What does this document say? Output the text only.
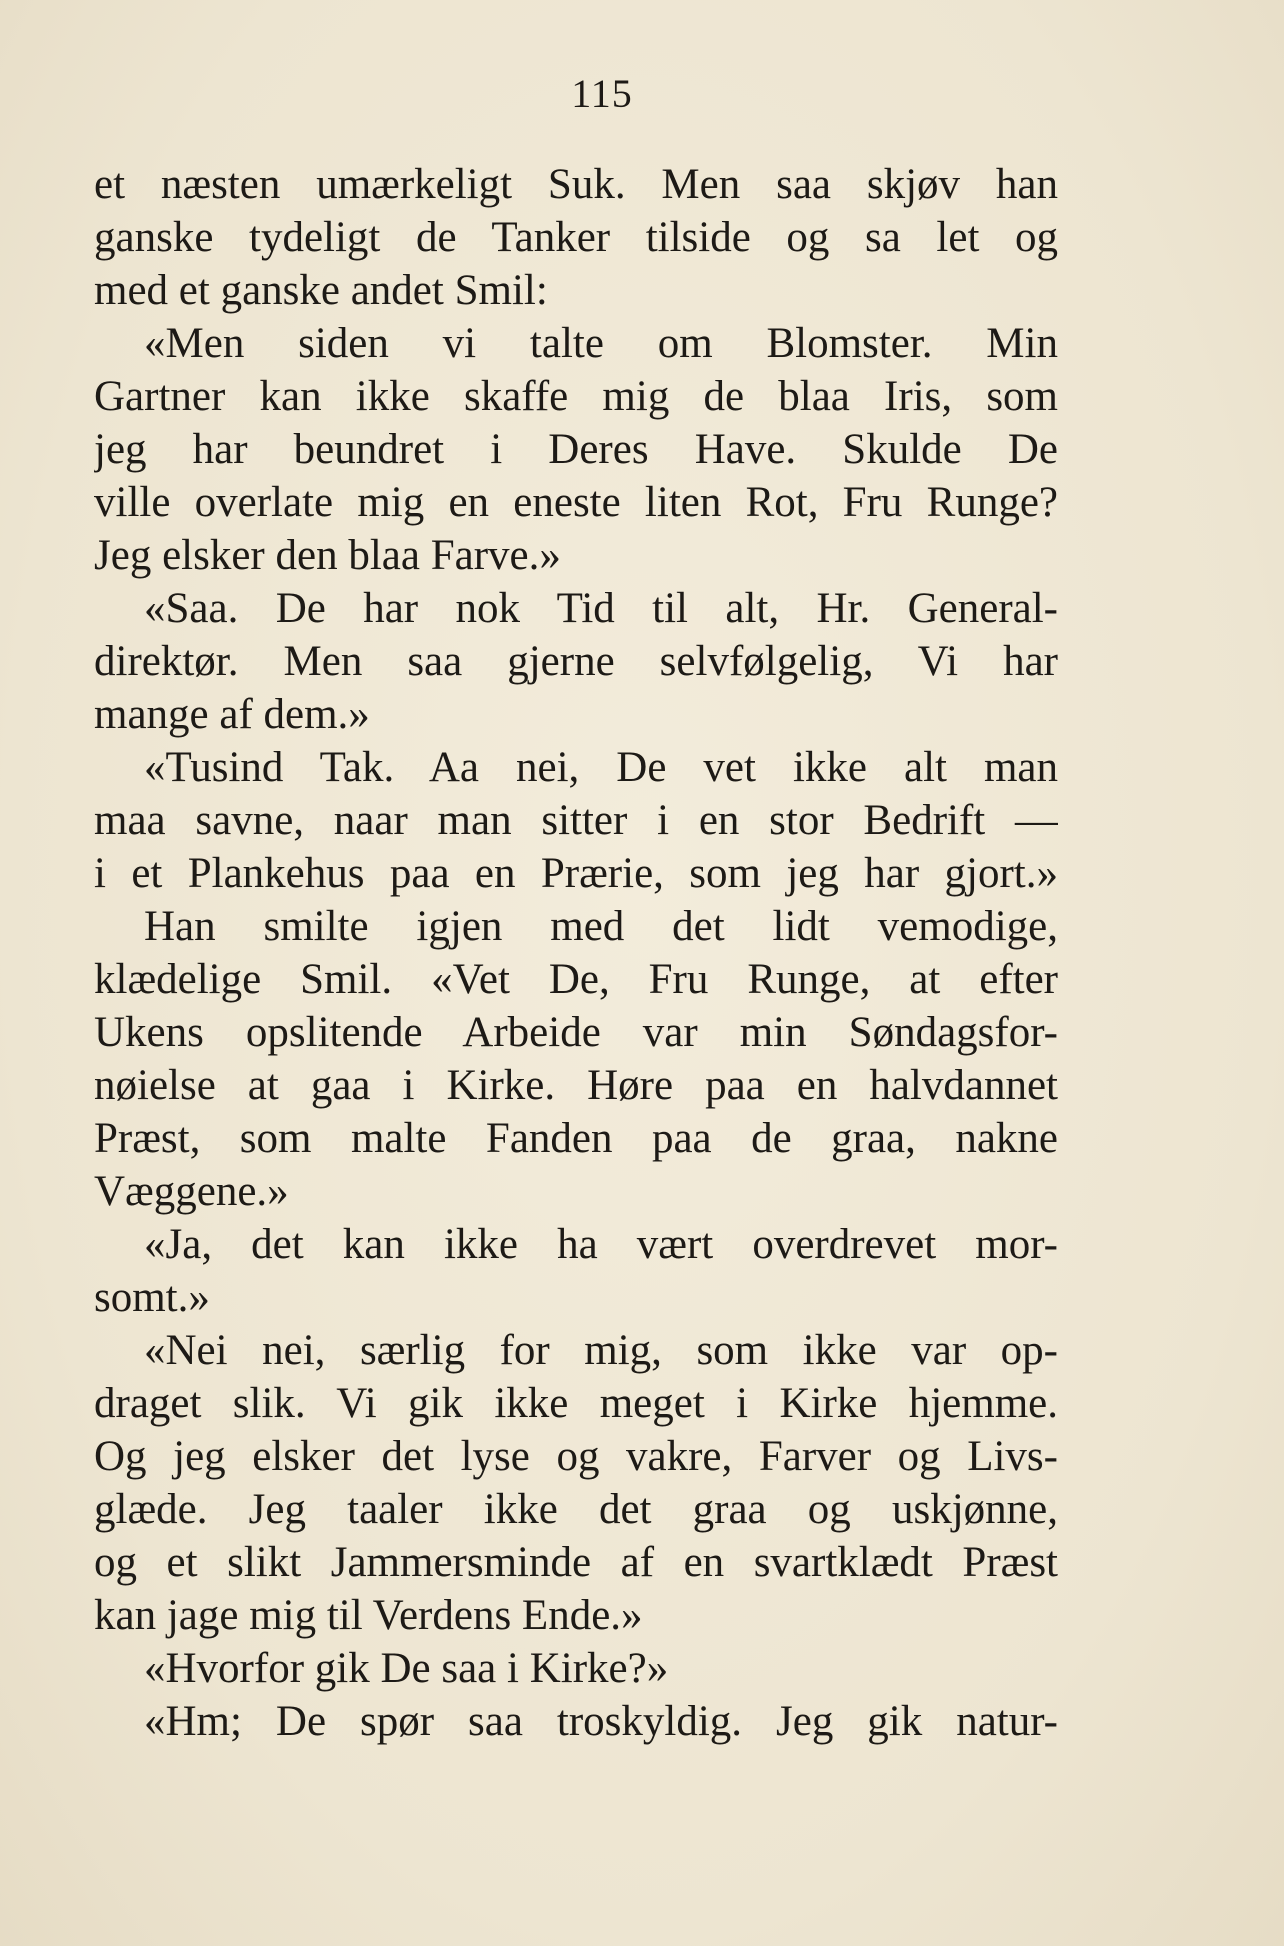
115
et næsten umærkeligt Suk. Men saa skjøv han
ganske tydeligt de Tanker tilside og sa let og
med et ganske andet Smil:
«Men siden vi talte om Blomster. Min
Gartner kan ikke skaffe mig de blaa Iris, som
jeg har beundret i Deres Have. Skulde De
ville overlate mig en eneste liten Rot, Fru Runge?
Jeg elsker den blaa Farve.»
«Saa. De har nok Tid til alt, Hr. General-
direktør. Men saa gjerne selvfølgelig, Vi har
mange af dem.»
«Tusind Tak. Aa nei, De vet ikke alt man
maa savne, naar man sitter i en stor Bedrift —
i et Plankehus paa en Prærie, som jeg har gjort.»
Han smilte igjen med det lidt vemodige,
klædelige Smil. «Vet De, Fru Runge, at efter
Ukens opslitende Arbeide var min Søndagsfor-
nøielse at gaa i Kirke. Høre paa en halvdannet
Præst, som malte Fanden paa de graa, nakne
Væggene.»
«Ja, det kan ikke ha vært overdrevet mor-
somt.»
«Nei nei, særlig for mig, som ikke var op-
draget slik. Vi gik ikke meget i Kirke hjemme.
Og jeg elsker det lyse og vakre, Farver og Livs-
glæde. Jeg taaler ikke det graa og uskjønne,
og et slikt Jammersminde af en svartklædt Præst
kan jage mig til Verdens Ende.»
«Hvorfor gik De saa i Kirke?»
«Hm; De spør saa troskyldig. Jeg gik natur-
